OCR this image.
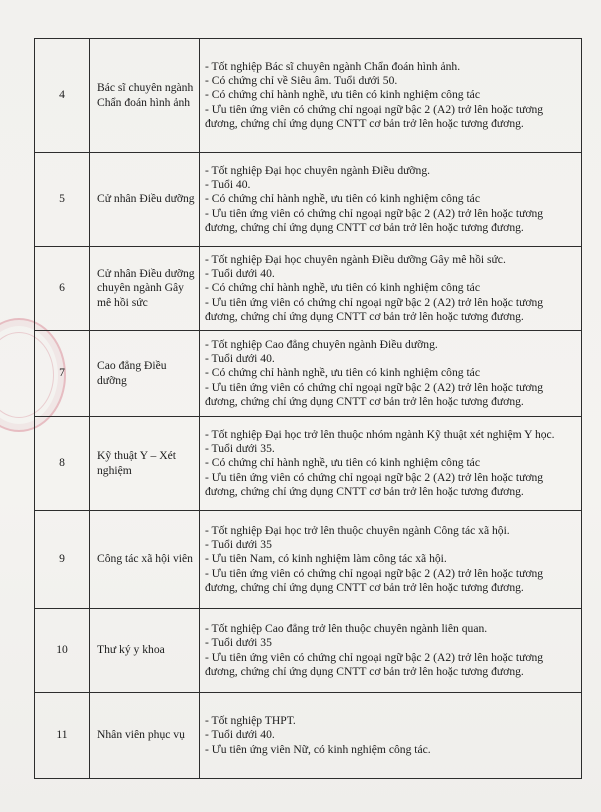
4	Bác sĩ chuyên ngành Chẩn đoán hình ảnh	- Tốt nghiệp Bác sĩ chuyên ngành Chẩn đoán hình ảnh.
- Có chứng chỉ về Siêu âm. Tuổi dưới 50.
- Có chứng chỉ hành nghề, ưu tiên có kinh nghiệm công tác
- Ưu tiên ứng viên có chứng chỉ ngoại ngữ bậc 2 (A2) trở lên hoặc tương đương, chứng chỉ ứng dụng CNTT cơ bản trở lên hoặc tương đương.

5	Cử nhân Điều dưỡng	- Tốt nghiệp Đại học chuyên ngành Điều dưỡng.
- Tuổi 40.
- Có chứng chỉ hành nghề, ưu tiên có kinh nghiệm công tác
- Ưu tiên ứng viên có chứng chỉ ngoại ngữ bậc 2 (A2) trở lên hoặc tương đương, chứng chỉ ứng dụng CNTT cơ bản trở lên hoặc tương đương.

6	Cử nhân Điều dưỡng chuyên ngành Gây mê hồi sức	- Tốt nghiệp Đại học chuyên ngành Điều dưỡng Gây mê hồi sức.
- Tuổi dưới 40.
- Có chứng chỉ hành nghề, ưu tiên có kinh nghiệm công tác
- Ưu tiên ứng viên có chứng chỉ ngoại ngữ bậc 2 (A2) trở lên hoặc tương đương, chứng chỉ ứng dụng CNTT cơ bản trở lên hoặc tương đương.

7	Cao đẳng Điều dưỡng	- Tốt nghiệp Cao đẳng chuyên ngành Điều dưỡng.
- Tuổi dưới 40.
- Có chứng chỉ hành nghề, ưu tiên có kinh nghiệm công tác
- Ưu tiên ứng viên có chứng chỉ ngoại ngữ bậc 2 (A2) trở lên hoặc tương đương, chứng chỉ ứng dụng CNTT cơ bản trở lên hoặc tương đương.

8	Kỹ thuật Y – Xét nghiệm	- Tốt nghiệp Đại học trở lên thuộc nhóm ngành Kỹ thuật xét nghiệm Y học.
- Tuổi dưới 35.
- Có chứng chỉ hành nghề, ưu tiên có kinh nghiệm công tác
- Ưu tiên ứng viên có chứng chỉ ngoại ngữ bậc 2 (A2) trở lên hoặc tương đương, chứng chỉ ứng dụng CNTT cơ bản trở lên hoặc tương đương.

9	Công tác xã hội viên	- Tốt nghiệp Đại học trở lên thuộc chuyên ngành Công tác xã hội.
- Tuổi dưới 35
- Ưu tiên Nam, có kinh nghiệm làm công tác xã hội.
- Ưu tiên ứng viên có chứng chỉ ngoại ngữ bậc 2 (A2) trở lên hoặc tương đương, chứng chỉ ứng dụng CNTT cơ bản trở lên hoặc tương đương.

10	Thư ký y khoa	- Tốt nghiệp Cao đẳng trở lên thuộc chuyên ngành liên quan.
- Tuổi dưới 35
- Ưu tiên ứng viên có chứng chỉ ngoại ngữ bậc 2 (A2) trở lên hoặc tương đương, chứng chỉ ứng dụng CNTT cơ bản trở lên hoặc tương đương.

11	Nhân viên phục vụ	- Tốt nghiệp THPT.
- Tuổi dưới 40.
- Ưu tiên ứng viên Nữ, có kinh nghiệm công tác.
